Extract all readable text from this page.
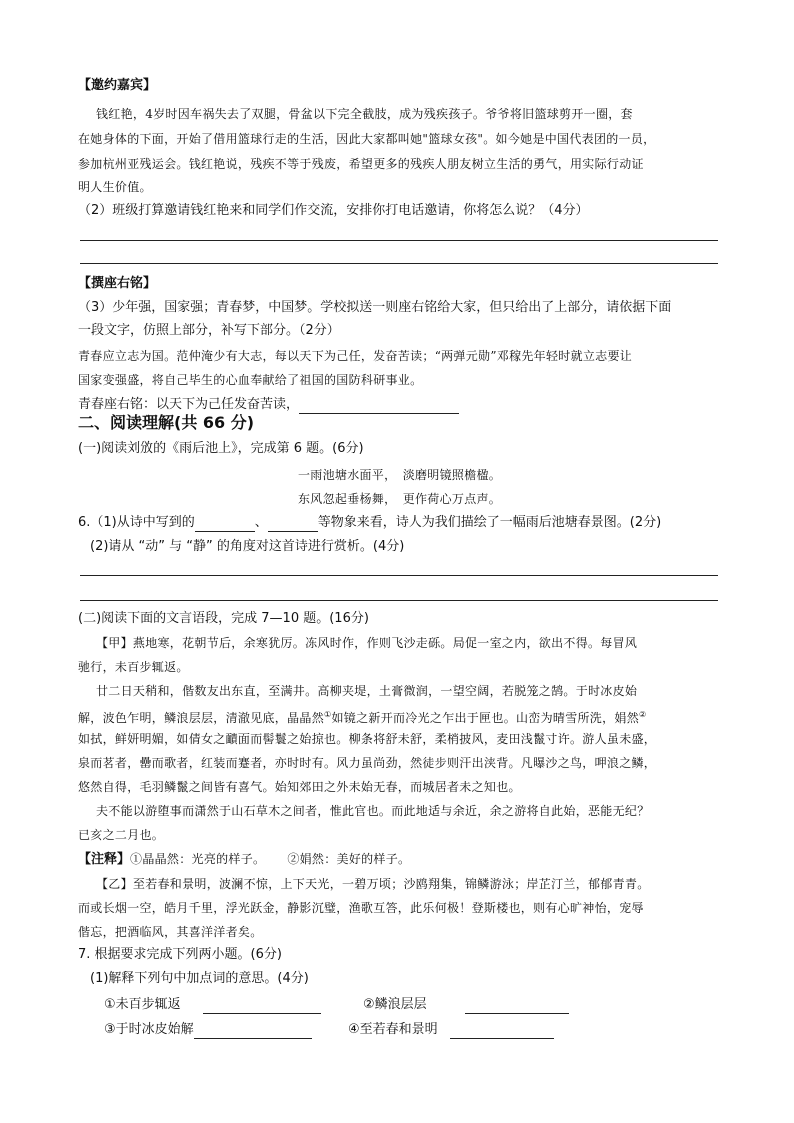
【邀约嘉宾】
钱红艳，4岁时因车祸失去了双腿，骨盆以下完全截肢，成为残疾孩子。爷爷将旧篮球剪开一圈，套
在她身体的下面，开始了借用篮球行走的生活，因此大家都叫她"篮球女孩"。如今她是中国代表团的一员，
参加杭州亚残运会。钱红艳说，残疾不等于残废，希望更多的残疾人朋友树立生活的勇气，用实际行动证
明人生价值。
（2）班级打算邀请钱红艳来和同学们作交流，安排你打电话邀请，你将怎么说？（4分）
【撰座右铭】
（3）少年强，国家强；青春梦，中国梦。学校拟送一则座右铭给大家，但只给出了上部分，请依据下面
一段文字，仿照上部分，补写下部分。（2分）
青春应立志为国。范仲淹少有大志，每以天下为己任，发奋苦读；“两弹元勋”邓稼先年轻时就立志要让
国家变强盛，将自己毕生的心血奉献给了祖国的国防科研事业。
青春座右铭：以天下为己任发奋苦读，
二、阅读理解(共 66 分)
(一)阅读刘攽的《雨后池上》，完成第 6 题。(6分)
一雨池塘水面平，　淡磨明镜照檐楹。
东风忽起垂杨舞，　更作荷心万点声。
6.（1)从诗中写到的	、	等物象来看，诗人为我们描绘了一幅雨后池塘春景图。(2分)
(2)请从 “动” 与 “静” 的角度对这首诗进行赏析。(4分)
(二)阅读下面的文言语段，完成 7—10 题。(16分)
【甲】燕地寒，花朝节后，余寒犹厉。冻风时作，作则飞沙走砾。局促一室之内，欲出不得。每冒风
驰行，未百步辄返。
廿二日天稍和，偕数友出东直，至满井。高柳夹堤，土膏微润，一望空阔，若脱笼之鹄。于时冰皮始
解，波色乍明，鳞浪层层，清澈见底，晶晶然①如镜之新开而冷光之乍出于匣也。山峦为晴雪所洗，娟然②
如拭，鲜妍明媚，如倩女之靧面而髻鬟之始掠也。柳条将舒未舒，柔梢披风，麦田浅鬣寸许。游人虽未盛，
泉而茗者，罍而歌者，红装而蹇者，亦时时有。风力虽尚劲，然徒步则汗出浃背。凡曝沙之鸟，呷浪之鳞，
悠然自得，毛羽鳞鬣之间皆有喜气。始知郊田之外未始无春，而城居者未之知也。
夫不能以游堕事而潇然于山石草木之间者，惟此官也。而此地适与余近，余之游将自此始，恶能无纪？
已亥之二月也。
【注释】①晶晶然：光亮的样子。 ②娟然：美好的样子。
【乙】至若春和景明，波澜不惊，上下天光，一碧万顷；沙鸥翔集，锦鳞游泳；岸芷汀兰，郁郁青青。
而或长烟一空，皓月千里，浮光跃金，静影沉璧，渔歌互答，此乐何极！登斯楼也，则有心旷神怡，宠辱
偕忘，把酒临风，其喜洋洋者矣。
7. 根据要求完成下列两小题。(6分)
(1)解释下列句中加点词的意思。(4分)
①未百步辄返	②鳞浪层层
③于时冰皮始解	④至若春和景明
